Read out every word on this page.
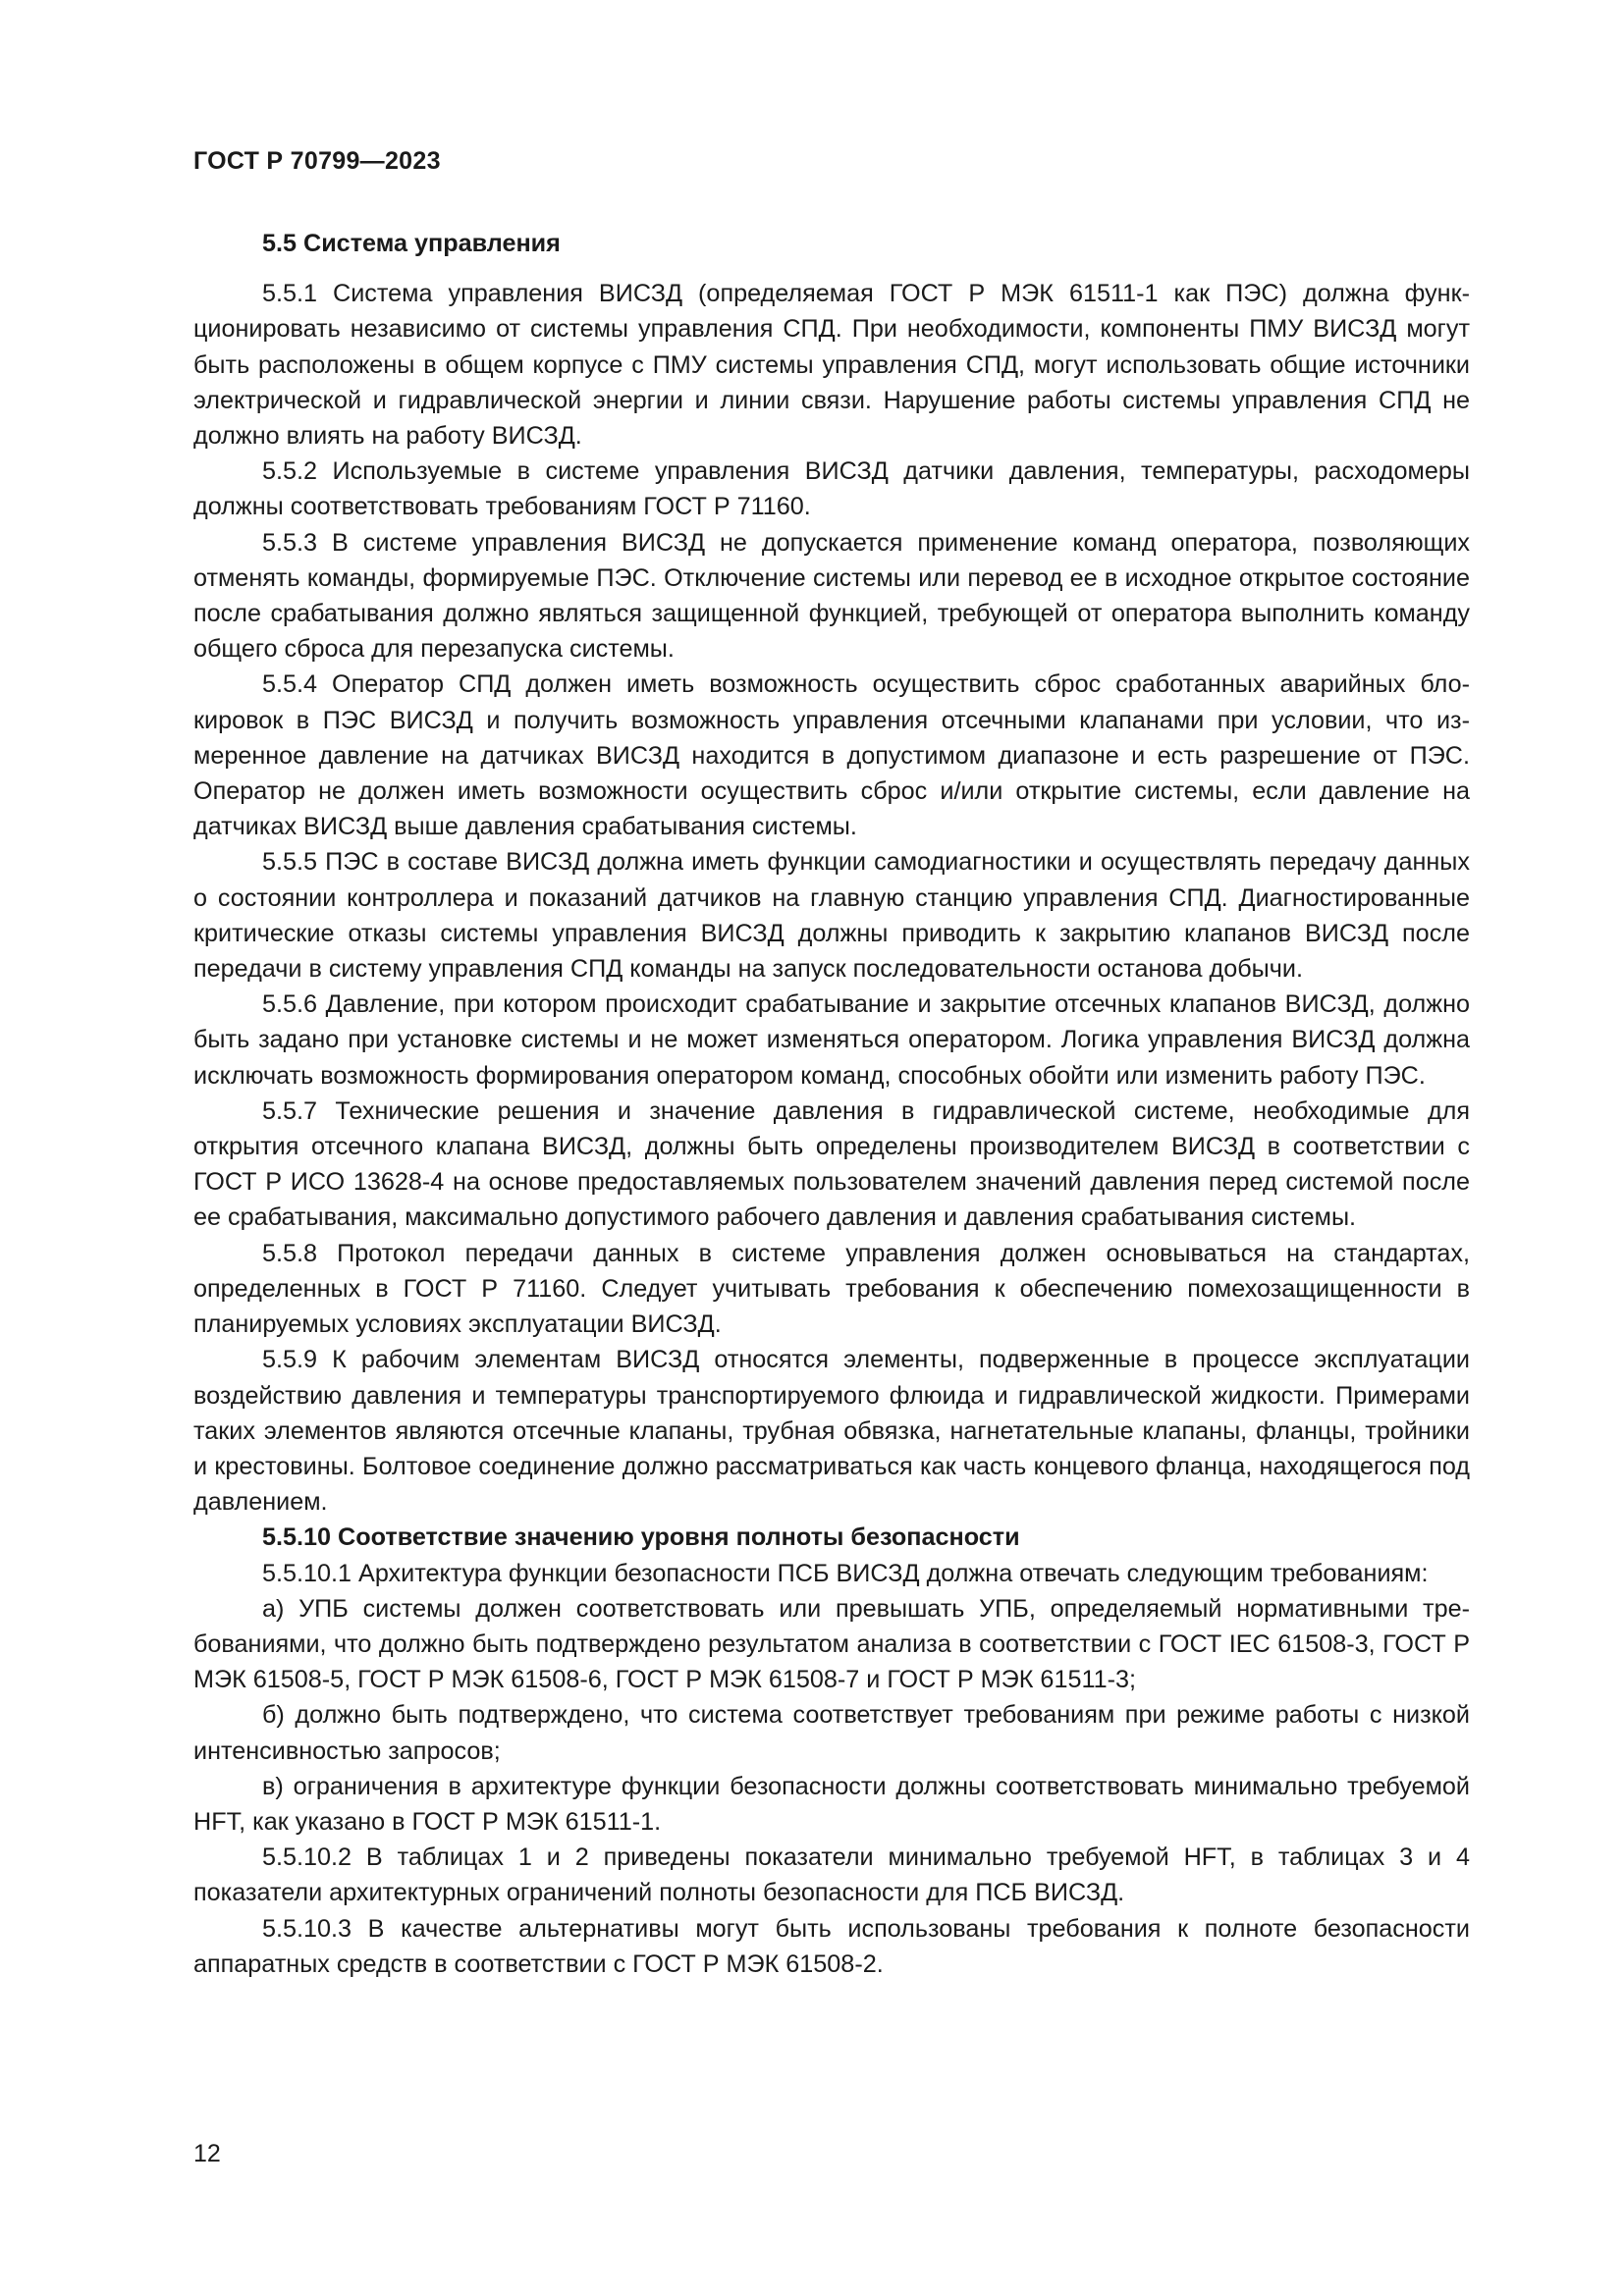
ГОСТ Р 70799—2023

5.5 Система управления

5.5.1 Система управления ВИСЗД (определяемая ГОСТ Р МЭК 61511-1 как ПЭС) должна функционировать независимо от системы управления СПД. При необходимости, компоненты ПМУ ВИСЗД могут быть расположены в общем корпусе с ПМУ системы управления СПД, могут использовать общие источники электрической и гидравлической энергии и линии связи. Нарушение работы системы управления СПД не должно влиять на работу ВИСЗД.

5.5.2 Используемые в системе управления ВИСЗД датчики давления, температуры, расходомеры должны соответствовать требованиям ГОСТ Р 71160.

5.5.3 В системе управления ВИСЗД не допускается применение команд оператора, позволяющих отменять команды, формируемые ПЭС. Отключение системы или перевод ее в исходное открытое состояние после срабатывания должно являться защищенной функцией, требующей от оператора выполнить команду общего сброса для перезапуска системы.

5.5.4 Оператор СПД должен иметь возможность осуществить сброс сработанных аварийных блокировок в ПЭС ВИСЗД и получить возможность управления отсечными клапанами при условии, что измеренное давление на датчиках ВИСЗД находится в допустимом диапазоне и есть разрешение от ПЭС. Оператор не должен иметь возможности осуществить сброс и/или открытие системы, если давление на датчиках ВИСЗД выше давления срабатывания системы.

5.5.5 ПЭС в составе ВИСЗД должна иметь функции самодиагностики и осуществлять передачу данных о состоянии контроллера и показаний датчиков на главную станцию управления СПД. Диагностированные критические отказы системы управления ВИСЗД должны приводить к закрытию клапанов ВИСЗД после передачи в систему управления СПД команды на запуск последовательности останова добычи.

5.5.6 Давление, при котором происходит срабатывание и закрытие отсечных клапанов ВИСЗД, должно быть задано при установке системы и не может изменяться оператором. Логика управления ВИСЗД должна исключать возможность формирования оператором команд, способных обойти или изменить работу ПЭС.

5.5.7 Технические решения и значение давления в гидравлической системе, необходимые для открытия отсечного клапана ВИСЗД, должны быть определены производителем ВИСЗД в соответствии с ГОСТ Р ИСО 13628-4 на основе предоставляемых пользователем значений давления перед системой после ее срабатывания, максимально допустимого рабочего давления и давления срабатывания системы.

5.5.8 Протокол передачи данных в системе управления должен основываться на стандартах, определенных в ГОСТ Р 71160. Следует учитывать требования к обеспечению помехозащищенности в планируемых условиях эксплуатации ВИСЗД.

5.5.9 К рабочим элементам ВИСЗД относятся элементы, подверженные в процессе эксплуатации воздействию давления и температуры транспортируемого флюида и гидравлической жидкости. Примерами таких элементов являются отсечные клапаны, трубная обвязка, нагнетательные клапаны, фланцы, тройники и крестовины. Болтовое соединение должно рассматриваться как часть концевого фланца, находящегося под давлением.

5.5.10 Соответствие значению уровня полноты безопасности

5.5.10.1 Архитектура функции безопасности ПСБ ВИСЗД должна отвечать следующим требованиям:

а) УПБ системы должен соответствовать или превышать УПБ, определяемый нормативными требованиями, что должно быть подтверждено результатом анализа в соответствии с ГОСТ IEC 61508-3, ГОСТ Р МЭК 61508-5, ГОСТ Р МЭК 61508-6, ГОСТ Р МЭК 61508-7 и ГОСТ Р МЭК 61511-3;

б) должно быть подтверждено, что система соответствует требованиям при режиме работы с низкой интенсивностью запросов;

в) ограничения в архитектуре функции безопасности должны соответствовать минимально требуемой HFT, как указано в ГОСТ Р МЭК 61511-1.

5.5.10.2 В таблицах 1 и 2 приведены показатели минимально требуемой HFT, в таблицах 3 и 4 показатели архитектурных ограничений полноты безопасности для ПСБ ВИСЗД.

5.5.10.3 В качестве альтернативы могут быть использованы требования к полноте безопасности аппаратных средств в соответствии с ГОСТ Р МЭК 61508-2.

12
